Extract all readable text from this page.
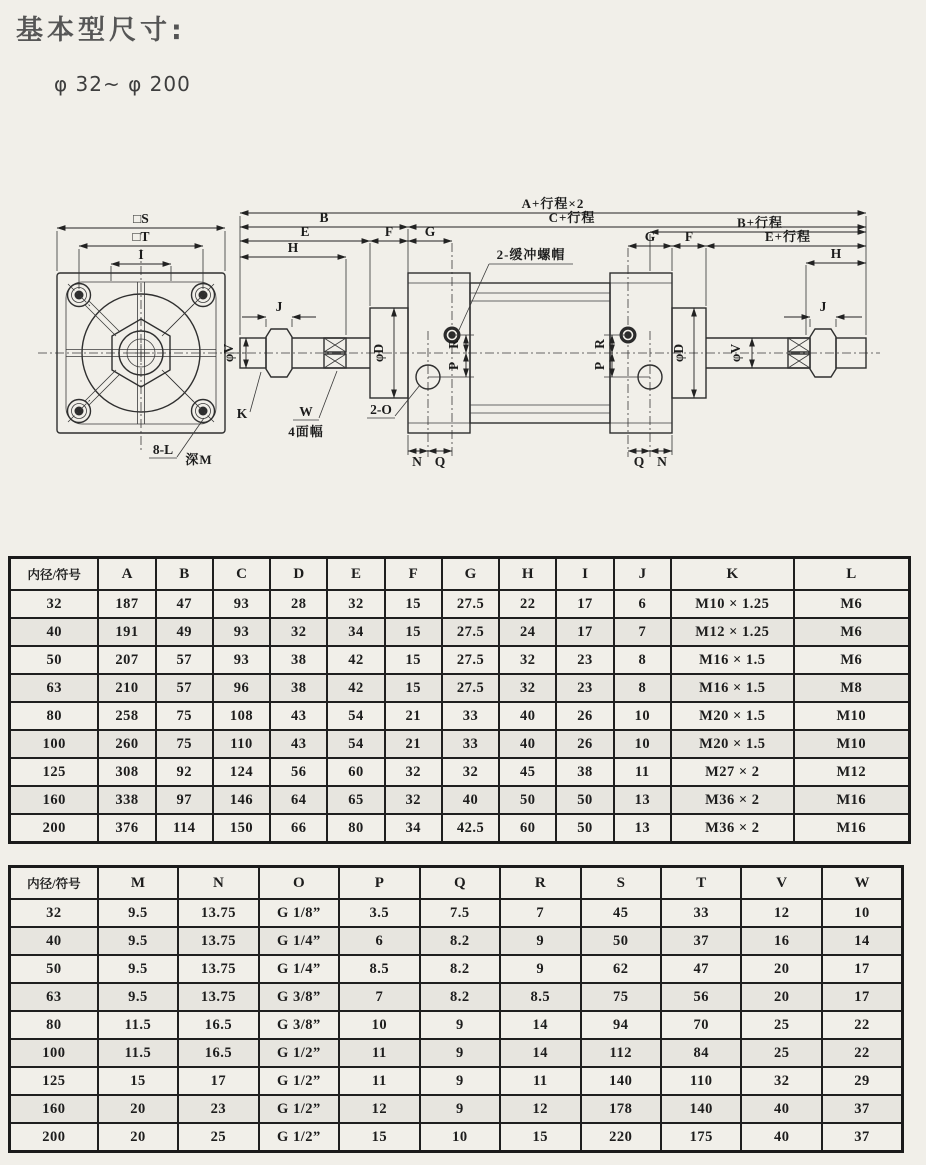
基本型尺寸:
φ 32~ φ 200
□S
□T
I
8-L
深M
A+行程×2
B	C+行程
E	F G
H
B+行程
G F	E+行程
H
J	J
φD	φD
φV	φV
R
P
R
P
N Q	Q N
K	W
4面幅
2-O
2-缓冲螺帽
内径/符号	A	B	C	D	E	F	G	H	I	J	K	L
32	187	47	93	28	32	15	27.5	22	17	6	M10 × 1.25	M6
40	191	49	93	32	34	15	27.5	24	17	7	M12 × 1.25	M6
50	207	57	93	38	42	15	27.5	32	23	8	M16 × 1.5	M6
63	210	57	96	38	42	15	27.5	32	23	8	M16 × 1.5	M8
80	258	75	108	43	54	21	33	40	26	10	M20 × 1.5	M10
100	260	75	110	43	54	21	33	40	26	10	M20 × 1.5	M10
125	308	92	124	56	60	32	32	45	38	11	M27 × 2	M12
160	338	97	146	64	65	32	40	50	50	13	M36 × 2	M16
200	376	114	150	66	80	34	42.5	60	50	13	M36 × 2	M16
内径/符号	M	N	O	P	Q	R	S	T	V	W
32	9.5	13.75	G 1/8”	3.5	7.5	7	45	33	12	10
40	9.5	13.75	G 1/4”	6	8.2	9	50	37	16	14
50	9.5	13.75	G 1/4”	8.5	8.2	9	62	47	20	17
63	9.5	13.75	G 3/8”	7	8.2	8.5	75	56	20	17
80	11.5	16.5	G 3/8”	10	9	14	94	70	25	22
100	11.5	16.5	G 1/2”	11	9	14	112	84	25	22
125	15	17	G 1/2”	11	9	11	140	110	32	29
160	20	23	G 1/2”	12	9	12	178	140	40	37
200	20	25	G 1/2”	15	10	15	220	175	40	37
